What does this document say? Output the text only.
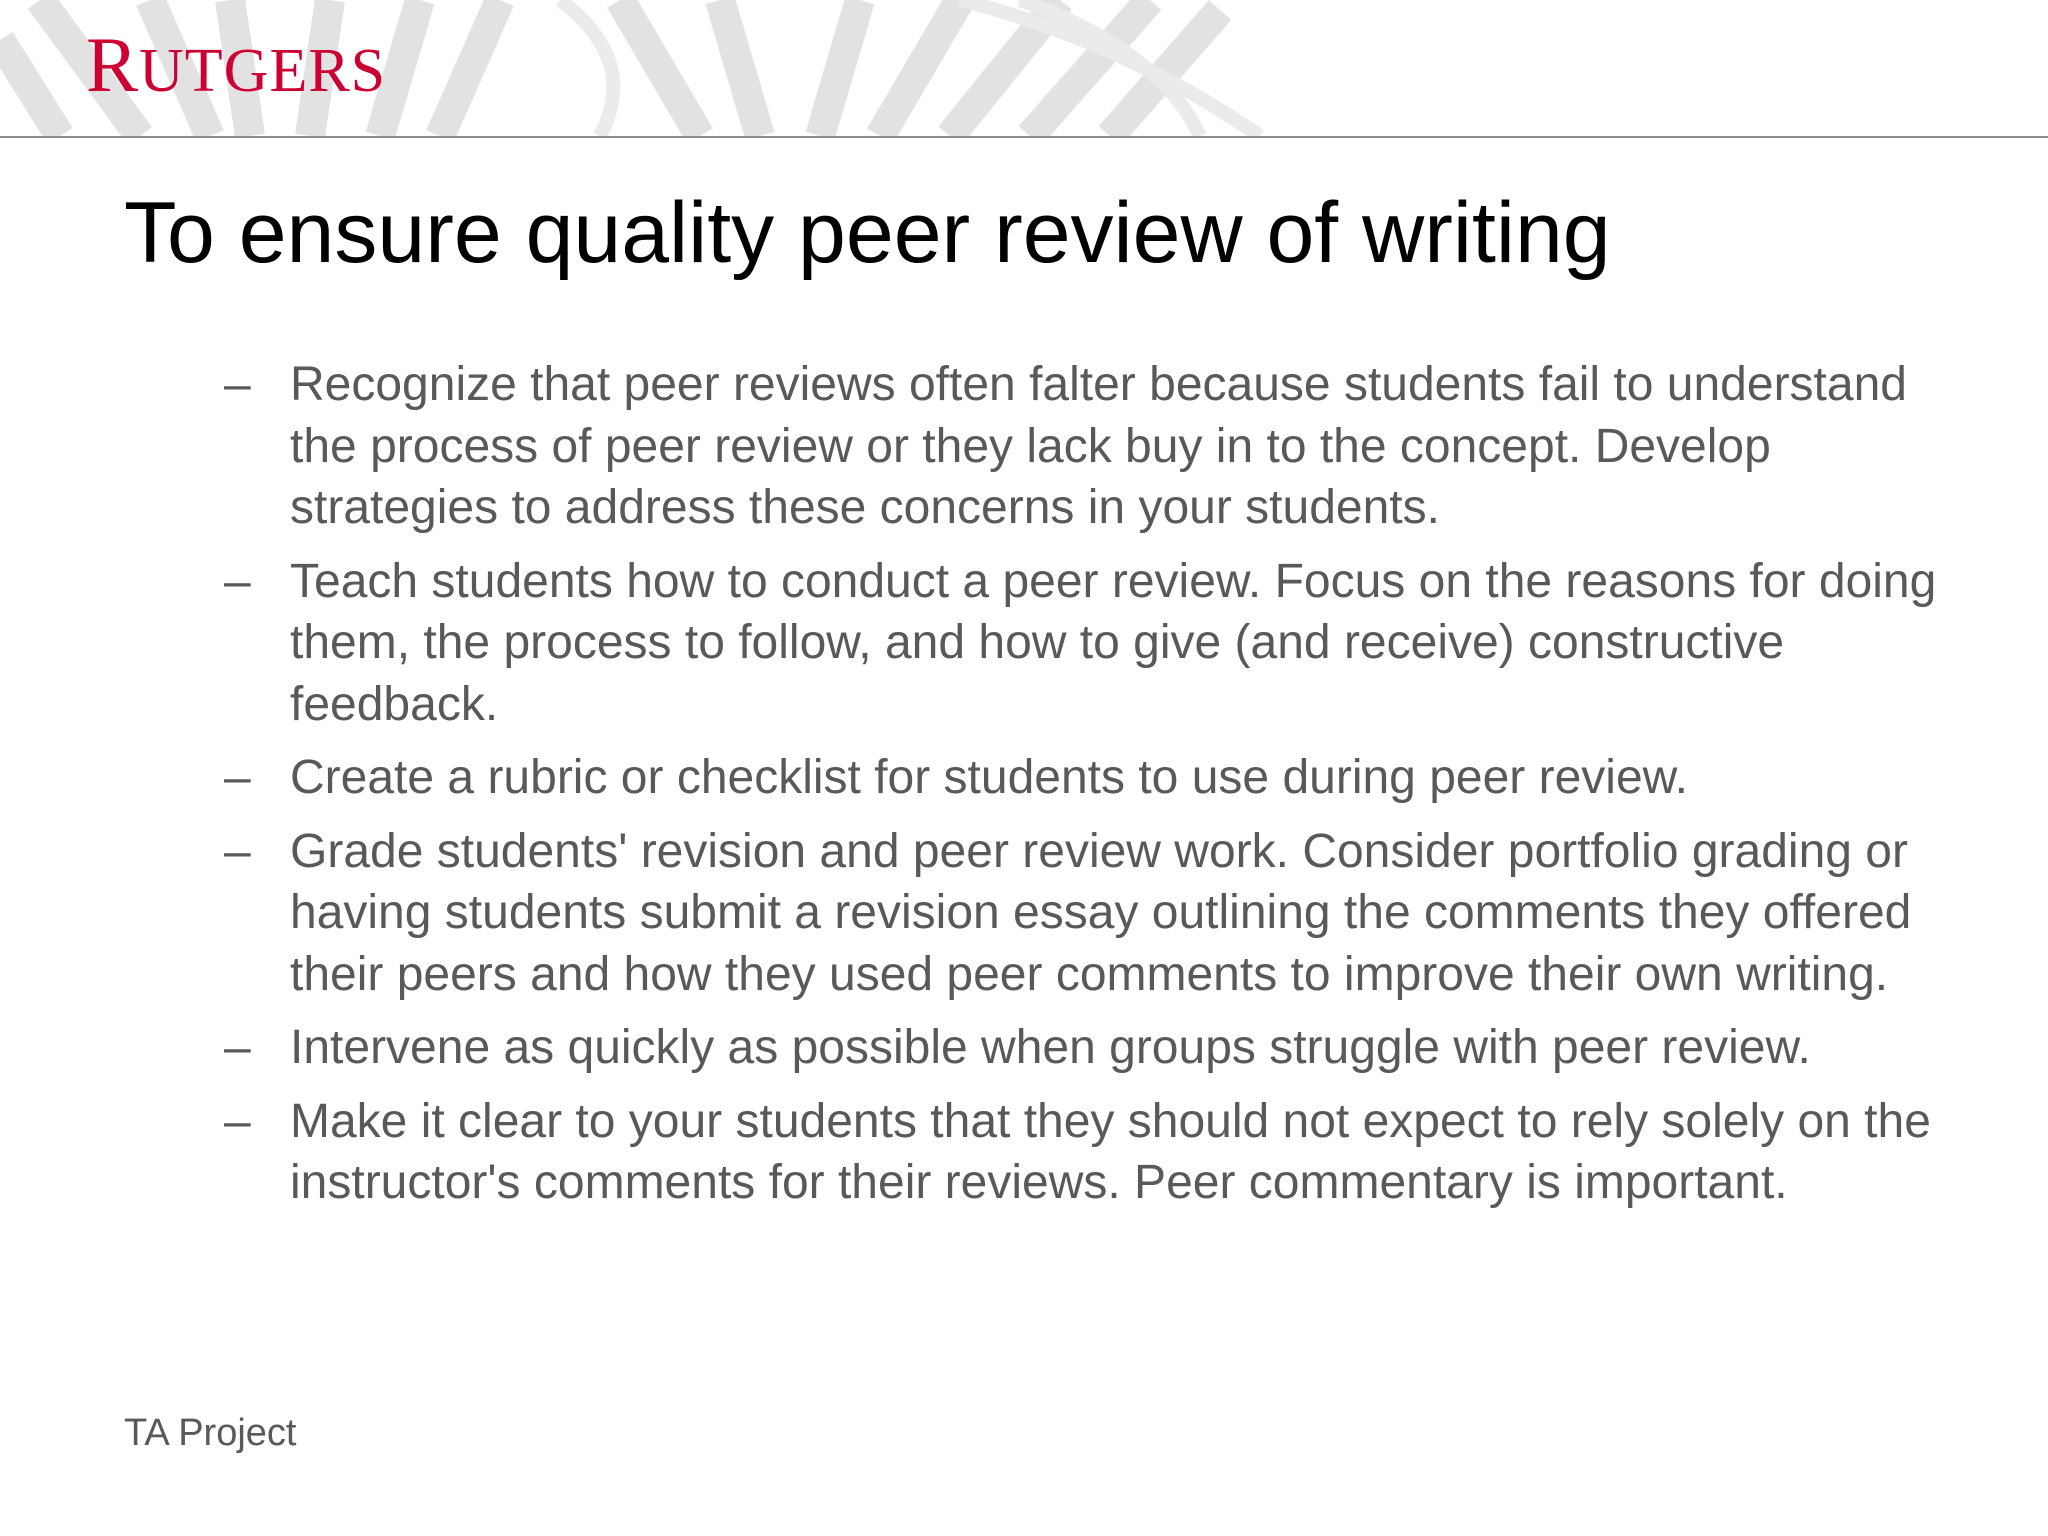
RUTGERS
To ensure quality peer review of writing
– Recognize that peer reviews often falter because students fail to understand the process of peer review or they lack buy in to the concept. Develop strategies to address these concerns in your students.
– Teach students how to conduct a peer review. Focus on the reasons for doing them, the process to follow, and how to give (and receive) constructive feedback.
– Create a rubric or checklist for students to use during peer review.
– Grade students' revision and peer review work. Consider portfolio grading or having students submit a revision essay outlining the comments they offered their peers and how they used peer comments to improve their own writing.
– Intervene as quickly as possible when groups struggle with peer review.
– Make it clear to your students that they should not expect to rely solely on the instructor's comments for their reviews. Peer commentary is important.
TA Project
